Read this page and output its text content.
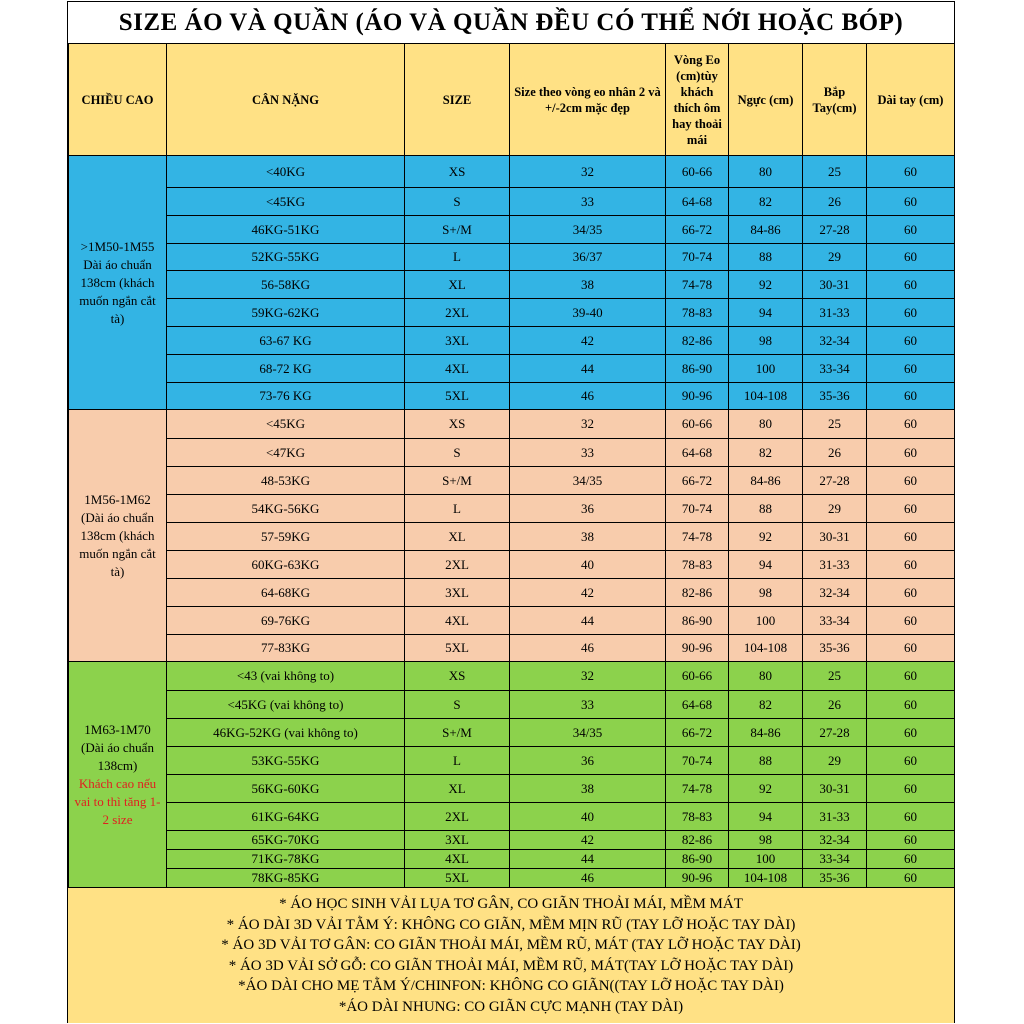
SIZE ÁO VÀ QUẦN (ÁO VÀ QUẦN ĐỀU CÓ THỂ NỚI HOẶC BÓP)
CHIỀU CAO	CÂN NẶNG	SIZE	Size theo vòng eo nhân 2 và +/-2cm mặc đẹp	Vòng Eo (cm)tùy khách thích ôm hay thoải mái	Ngực (cm)	Bắp Tay(cm)	Dài tay (cm)

>1M50-1M55 Dài áo chuẩn 138cm (khách muốn ngắn cắt tà)	<40KG	XS	32	60-66	80	25	60
	<45KG	S	33	64-68	82	26	60
	46KG-51KG	S+/M	34/35	66-72	84-86	27-28	60
	52KG-55KG	L	36/37	70-74	88	29	60
	56-58KG	XL	38	74-78	92	30-31	60
	59KG-62KG	2XL	39-40	78-83	94	31-33	60
	63-67 KG	3XL	42	82-86	98	32-34	60
	68-72 KG	4XL	44	86-90	100	33-34	60
	73-76 KG	5XL	46	90-96	104-108	35-36	60

1M56-1M62 (Dài áo chuẩn 138cm (khách muốn ngắn cắt tà)	<45KG	XS	32	60-66	80	25	60
	<47KG	S	33	64-68	82	26	60
	48-53KG	S+/M	34/35	66-72	84-86	27-28	60
	54KG-56KG	L	36	70-74	88	29	60
	57-59KG	XL	38	74-78	92	30-31	60
	60KG-63KG	2XL	40	78-83	94	31-33	60
	64-68KG	3XL	42	82-86	98	32-34	60
	69-76KG	4XL	44	86-90	100	33-34	60
	77-83KG	5XL	46	90-96	104-108	35-36	60

1M63-1M70 (Dài áo chuẩn 138cm)
Khách cao nếu vai to thì tăng 1-2 size	<43 (vai không to)	XS	32	60-66	80	25	60
	<45KG (vai không to)	S	33	64-68	82	26	60
	46KG-52KG (vai không to)	S+/M	34/35	66-72	84-86	27-28	60
	53KG-55KG	L	36	70-74	88	29	60
	56KG-60KG	XL	38	74-78	92	30-31	60
	61KG-64KG	2XL	40	78-83	94	31-33	60
	65KG-70KG	3XL	42	82-86	98	32-34	60
	71KG-78KG	4XL	44	86-90	100	33-34	60
	78KG-85KG	5XL	46	90-96	104-108	35-36	60
* ÁO HỌC SINH VẢI LỤA TƠ GÂN, CO GIÃN THOẢI MÁI, MỀM MÁT
* ÁO DÀI 3D VẢI TẰM Ý: KHÔNG CO GIÃN, MỀM MỊN RŨ (TAY LỠ HOẶC TAY DÀI)
* ÁO 3D VẢI TƠ GÂN: CO GIÃN THOẢI MÁI, MỀM RŨ, MÁT (TAY LỠ HOẶC TAY DÀI)
* ÁO 3D VẢI SỞ GỖ: CO GIÃN THOẢI MÁI, MỀM RŨ, MÁT(TAY LỠ HOẶC TAY DÀI)
*ÁO DÀI CHO MẸ TẰM Ý/CHINFON: KHÔNG CO GIÃN((TAY LỠ HOẶC TAY DÀI)
*ÁO DÀI NHUNG: CO GIÃN CỰC MẠNH (TAY DÀI)
